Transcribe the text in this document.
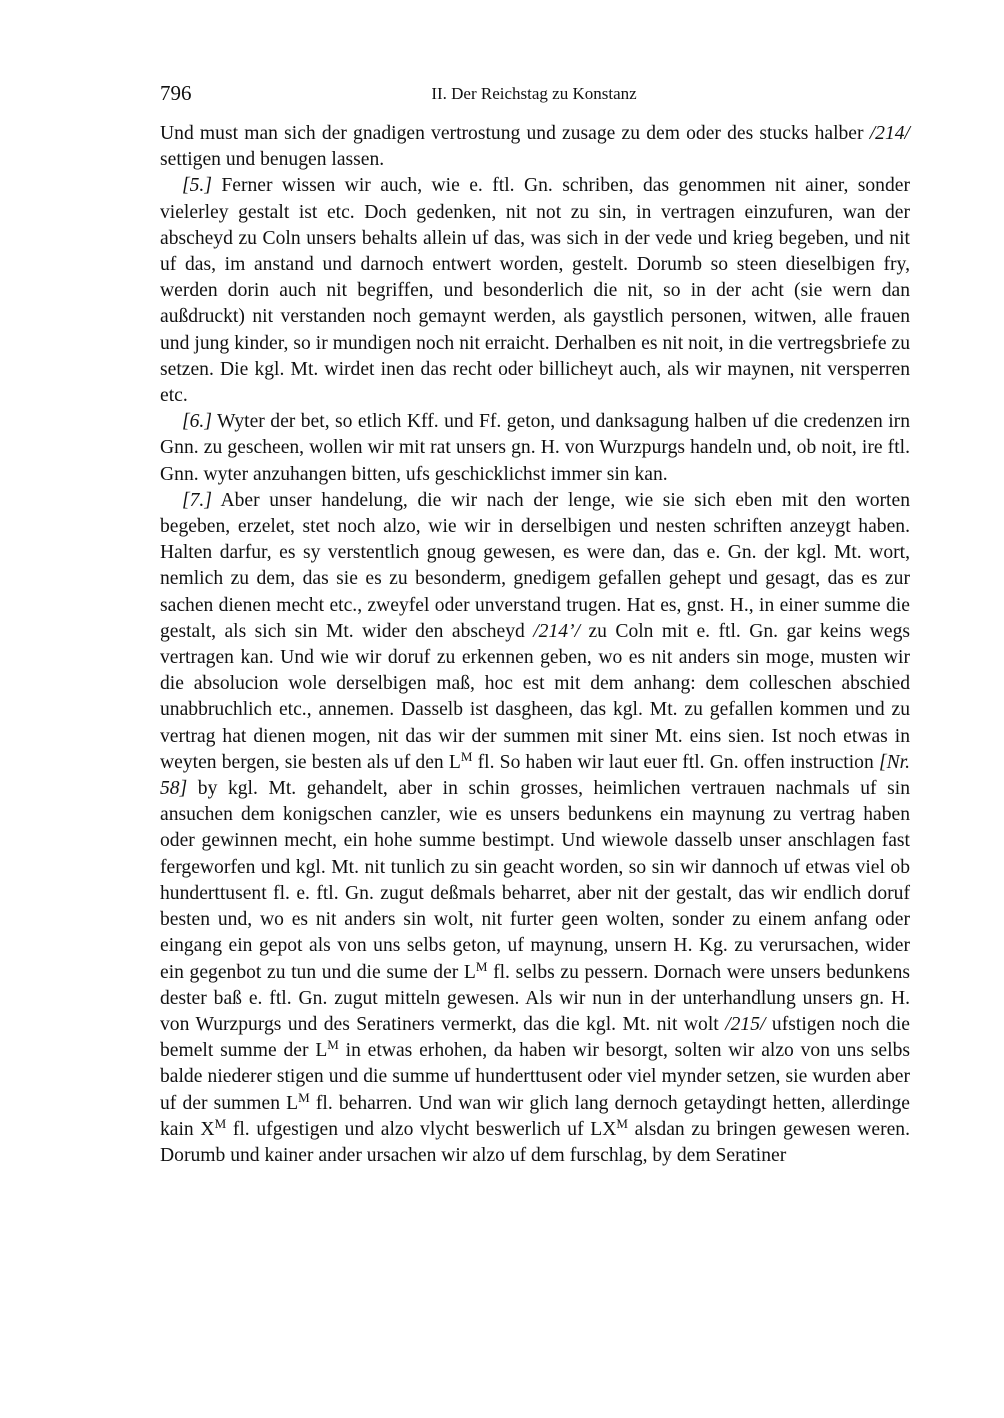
796	II. Der Reichstag zu Konstanz

Und must man sich der gnadigen vertrostung und zusage zu dem oder des stucks halber /214/ settigen und benugen lassen.

[5.] Ferner wissen wir auch, wie e. ftl. Gn. schriben, das genommen nit ainer, sonder vielerley gestalt ist etc. Doch gedenken, nit not zu sin, in vertragen einzufuren, wan der abscheyd zu Coln unsers behalts allein uf das, was sich in der vede und krieg begeben, und nit uf das, im anstand und darnoch entwert worden, gestelt. Dorumb so steen dieselbigen fry, werden dorin auch nit begriffen, und besonderlich die nit, so in der acht (sie wern dan außdruckt) nit verstanden noch gemaynt werden, als gaystlich personen, witwen, alle frauen und jung kinder, so ir mundigen noch nit erraicht. Derhalben es nit noit, in die vertregsbriefe zu setzen. Die kgl. Mt. wirdet inen das recht oder billicheyt auch, als wir maynen, nit versperren etc.

[6.] Wyter der bet, so etlich Kff. und Ff. geton, und danksagung halben uf die credenzen irn Gnn. zu gescheen, wollen wir mit rat unsers gn. H. von Wurzpurgs handeln und, ob noit, ire ftl. Gnn. wyter anzuhangen bitten, ufs geschicklichst immer sin kan.

[7.] Aber unser handelung, die wir nach der lenge, wie sie sich eben mit den worten begeben, erzelet, stet noch alzo, wie wir in derselbigen und nesten schriften anzeygt haben. Halten darfur, es sy verstentlich gnoug gewesen, es were dan, das e. Gn. der kgl. Mt. wort, nemlich zu dem, das sie es zu besonderm, gnedigem gefallen gehept und gesagt, das es zur sachen dienen mecht etc., zweyfel oder unverstand trugen. Hat es, gnst. H., in einer summe die gestalt, als sich sin Mt. wider den abscheyd /214’/ zu Coln mit e. ftl. Gn. gar keins wegs vertragen kan. Und wie wir doruf zu erkennen geben, wo es nit anders sin moge, musten wir die absolucion wole derselbigen maß, hoc est mit dem anhang: dem colleschen abschied unabbruchlich etc., annemen. Dasselb ist dasgheen, das kgl. Mt. zu gefallen kommen und zu vertrag hat dienen mogen, nit das wir der summen mit siner Mt. eins sien. Ist noch etwas in weyten bergen, sie besten als uf den $L^M$ fl. So haben wir laut euer ftl. Gn. offen instruction [Nr. 58] by kgl. Mt. gehandelt, aber in schin grosses, heimlichen vertrauen nachmals uf sin ansuchen dem konigschen canzler, wie es unsers bedunkens ein maynung zu vertrag haben oder gewinnen mecht, ein hohe summe bestimpt. Und wiewole dasselb unser anschlagen fast fergeworfen und kgl. Mt. nit tunlich zu sin geacht worden, so sin wir dannoch uf etwas viel ob hunderttusent fl. e. ftl. Gn. zugut deßmals beharret, aber nit der gestalt, das wir endlich doruf besten und, wo es nit anders sin wolt, nit furter geen wolten, sonder zu einem anfang oder eingang ein gepot als von uns selbs geton, uf maynung, unsern H. Kg. zu verursachen, wider ein gegenbot zu tun und die sume der $L^M$ fl. selbs zu pessern. Dornach were unsers bedunkens dester baß e. ftl. Gn. zugut mitteln gewesen. Als wir nun in der unterhandlung unsers gn. H. von Wurzpurgs und des Seratiners vermerkt, das die kgl. Mt. nit wolt /215/ ufstigen noch die bemelt summe der $L^M$ in etwas erhohen, da haben wir besorgt, solten wir alzo von uns selbs balde niederer stigen und die summe uf hunderttusent oder viel mynder setzen, sie wurden aber uf der summen $L^M$ fl. beharren. Und wan wir glich lang dernoch getaydingt hetten, allerdinge kain $X^M$ fl. ufgestigen und alzo vlycht beswerlich uf $LX^M$ alsdan zu bringen gewesen weren. Dorumb und kainer ander ursachen wir alzo uf dem furschlag, by dem Seratiner
